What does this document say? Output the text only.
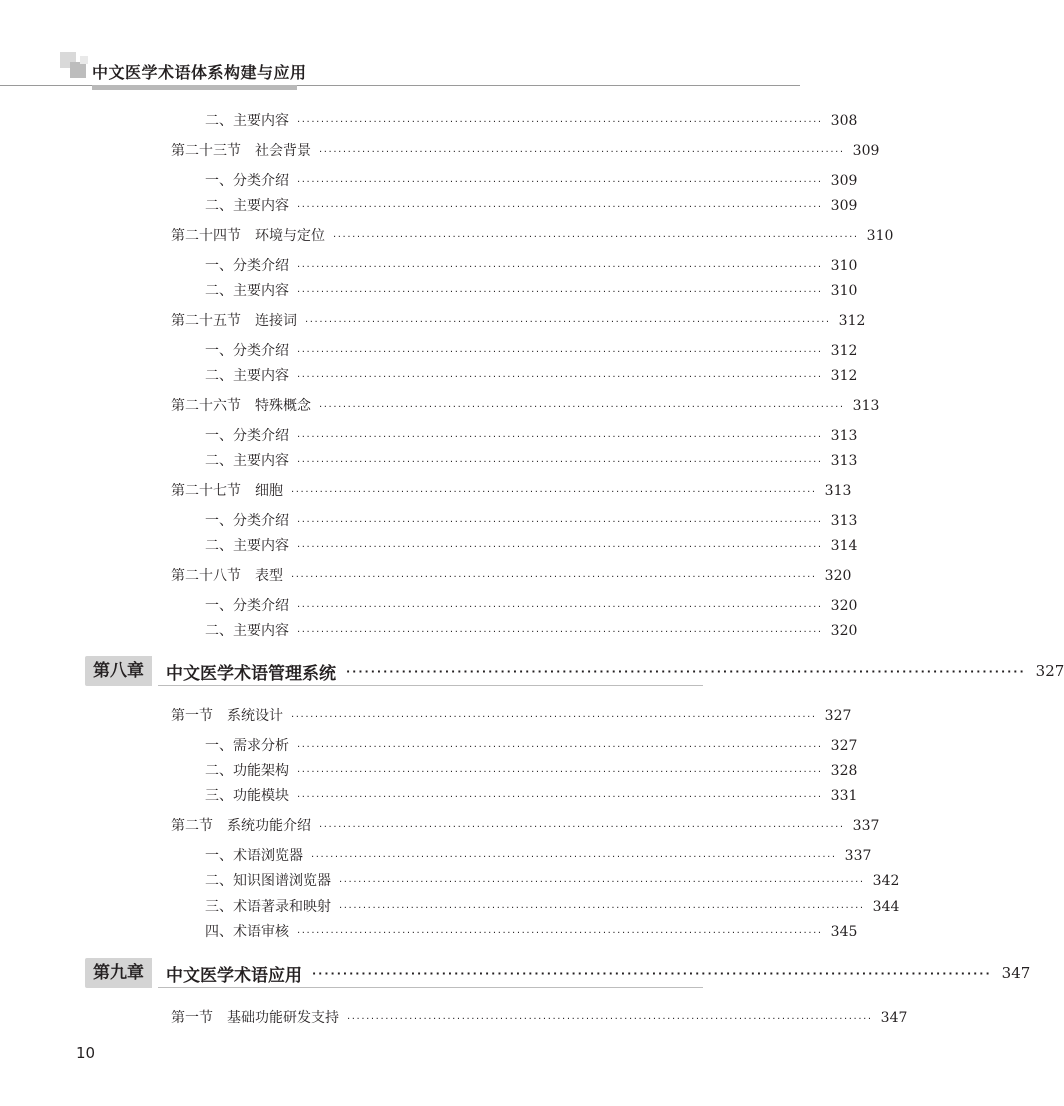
中文医学术语体系构建与应用
二、主要内容 ·············································································································· 308
第二十三节 社会背景 ·············································································································· 309
一、分类介绍 ·············································································································· 309
二、主要内容 ·············································································································· 309
第二十四节 环境与定位 ·············································································································· 310
一、分类介绍 ·············································································································· 310
二、主要内容 ·············································································································· 310
第二十五节 连接词 ·············································································································· 312
一、分类介绍 ·············································································································· 312
二、主要内容 ·············································································································· 312
第二十六节 特殊概念 ·············································································································· 313
一、分类介绍 ·············································································································· 313
二、主要内容 ·············································································································· 313
第二十七节 细胞 ·············································································································· 313
一、分类介绍 ·············································································································· 313
二、主要内容 ·············································································································· 314
第二十八节 表型 ·············································································································· 320
一、分类介绍 ·············································································································· 320
二、主要内容 ·············································································································· 320
第八章	中文医学术语管理系统 ·············································································································· 327
第一节 系统设计 ·············································································································· 327
一、需求分析 ·············································································································· 327
二、功能架构 ·············································································································· 328
三、功能模块 ·············································································································· 331
第二节 系统功能介绍 ·············································································································· 337
一、术语浏览器 ·············································································································· 337
二、知识图谱浏览器 ·············································································································· 342
三、术语著录和映射 ·············································································································· 344
四、术语审核 ·············································································································· 345
第九章	中文医学术语应用 ·············································································································· 347
第一节 基础功能研发支持 ·············································································································· 347
10
